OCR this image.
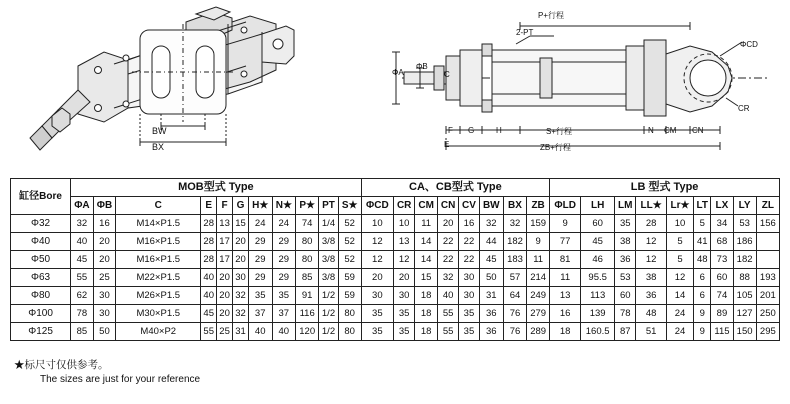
BW
BX
P+行程
2-PT
ΦCD
ΦA
ΦB
C
CR
F G	H	S+行程	N CM CN
E	ZB+行程
缸径Bore	MOB型式 Type											CA、CB型式 Type								LB 型式 Type								
	ΦA	ΦB	C	E	F	G	H★	N★	P★	PT	S★	ΦCD	CR	CM	CN	CV	BW	BX	ZB	ΦLD	LH	LM	LL★	Lr★	LT	LX	LY	ZL
Φ32	32	16	M14×P1.5	28	13	15	24	24	74	1/4	52	10	10	11	20	16	32	32	159	9	60	35	28	10	5	34	53	156
Φ40	40	20	M16×P1.5	28	17	20	29	29	80	3/8	52	12	13	14	22	22	44	182	9	77	45	38	12	5	41	68	186	
Φ50	45	20	M16×P1.5	28	17	20	29	29	80	3/8	52	12	12	14	22	22	45	183	11	81	46	36	12	5	48	73	182	
Φ63	55	25	M22×P1.5	40	20	30	29	29	85	3/8	59	20	20	15	32	30	50	57	214	11	95.5	53	38	12	6	60	88	193
Φ80	62	30	M26×P1.5	40	20	32	35	35	91	1/2	59	30	30	18	40	30	31	64	249	13	113	60	36	14	6	74	105	201
Φ100	78	30	M30×P1.5	45	20	32	37	37	116	1/2	80	35	35	18	55	35	36	76	279	16	139	78	48	24	9	89	127	250
Φ125	85	50	M40×P2	55	25	31	40	40	120	1/2	80	35	35	18	55	35	36	76	289	18	160.5	87	51	24	9	115	150	295
★标尺寸仅供参考。
The sizes are just for your reference
